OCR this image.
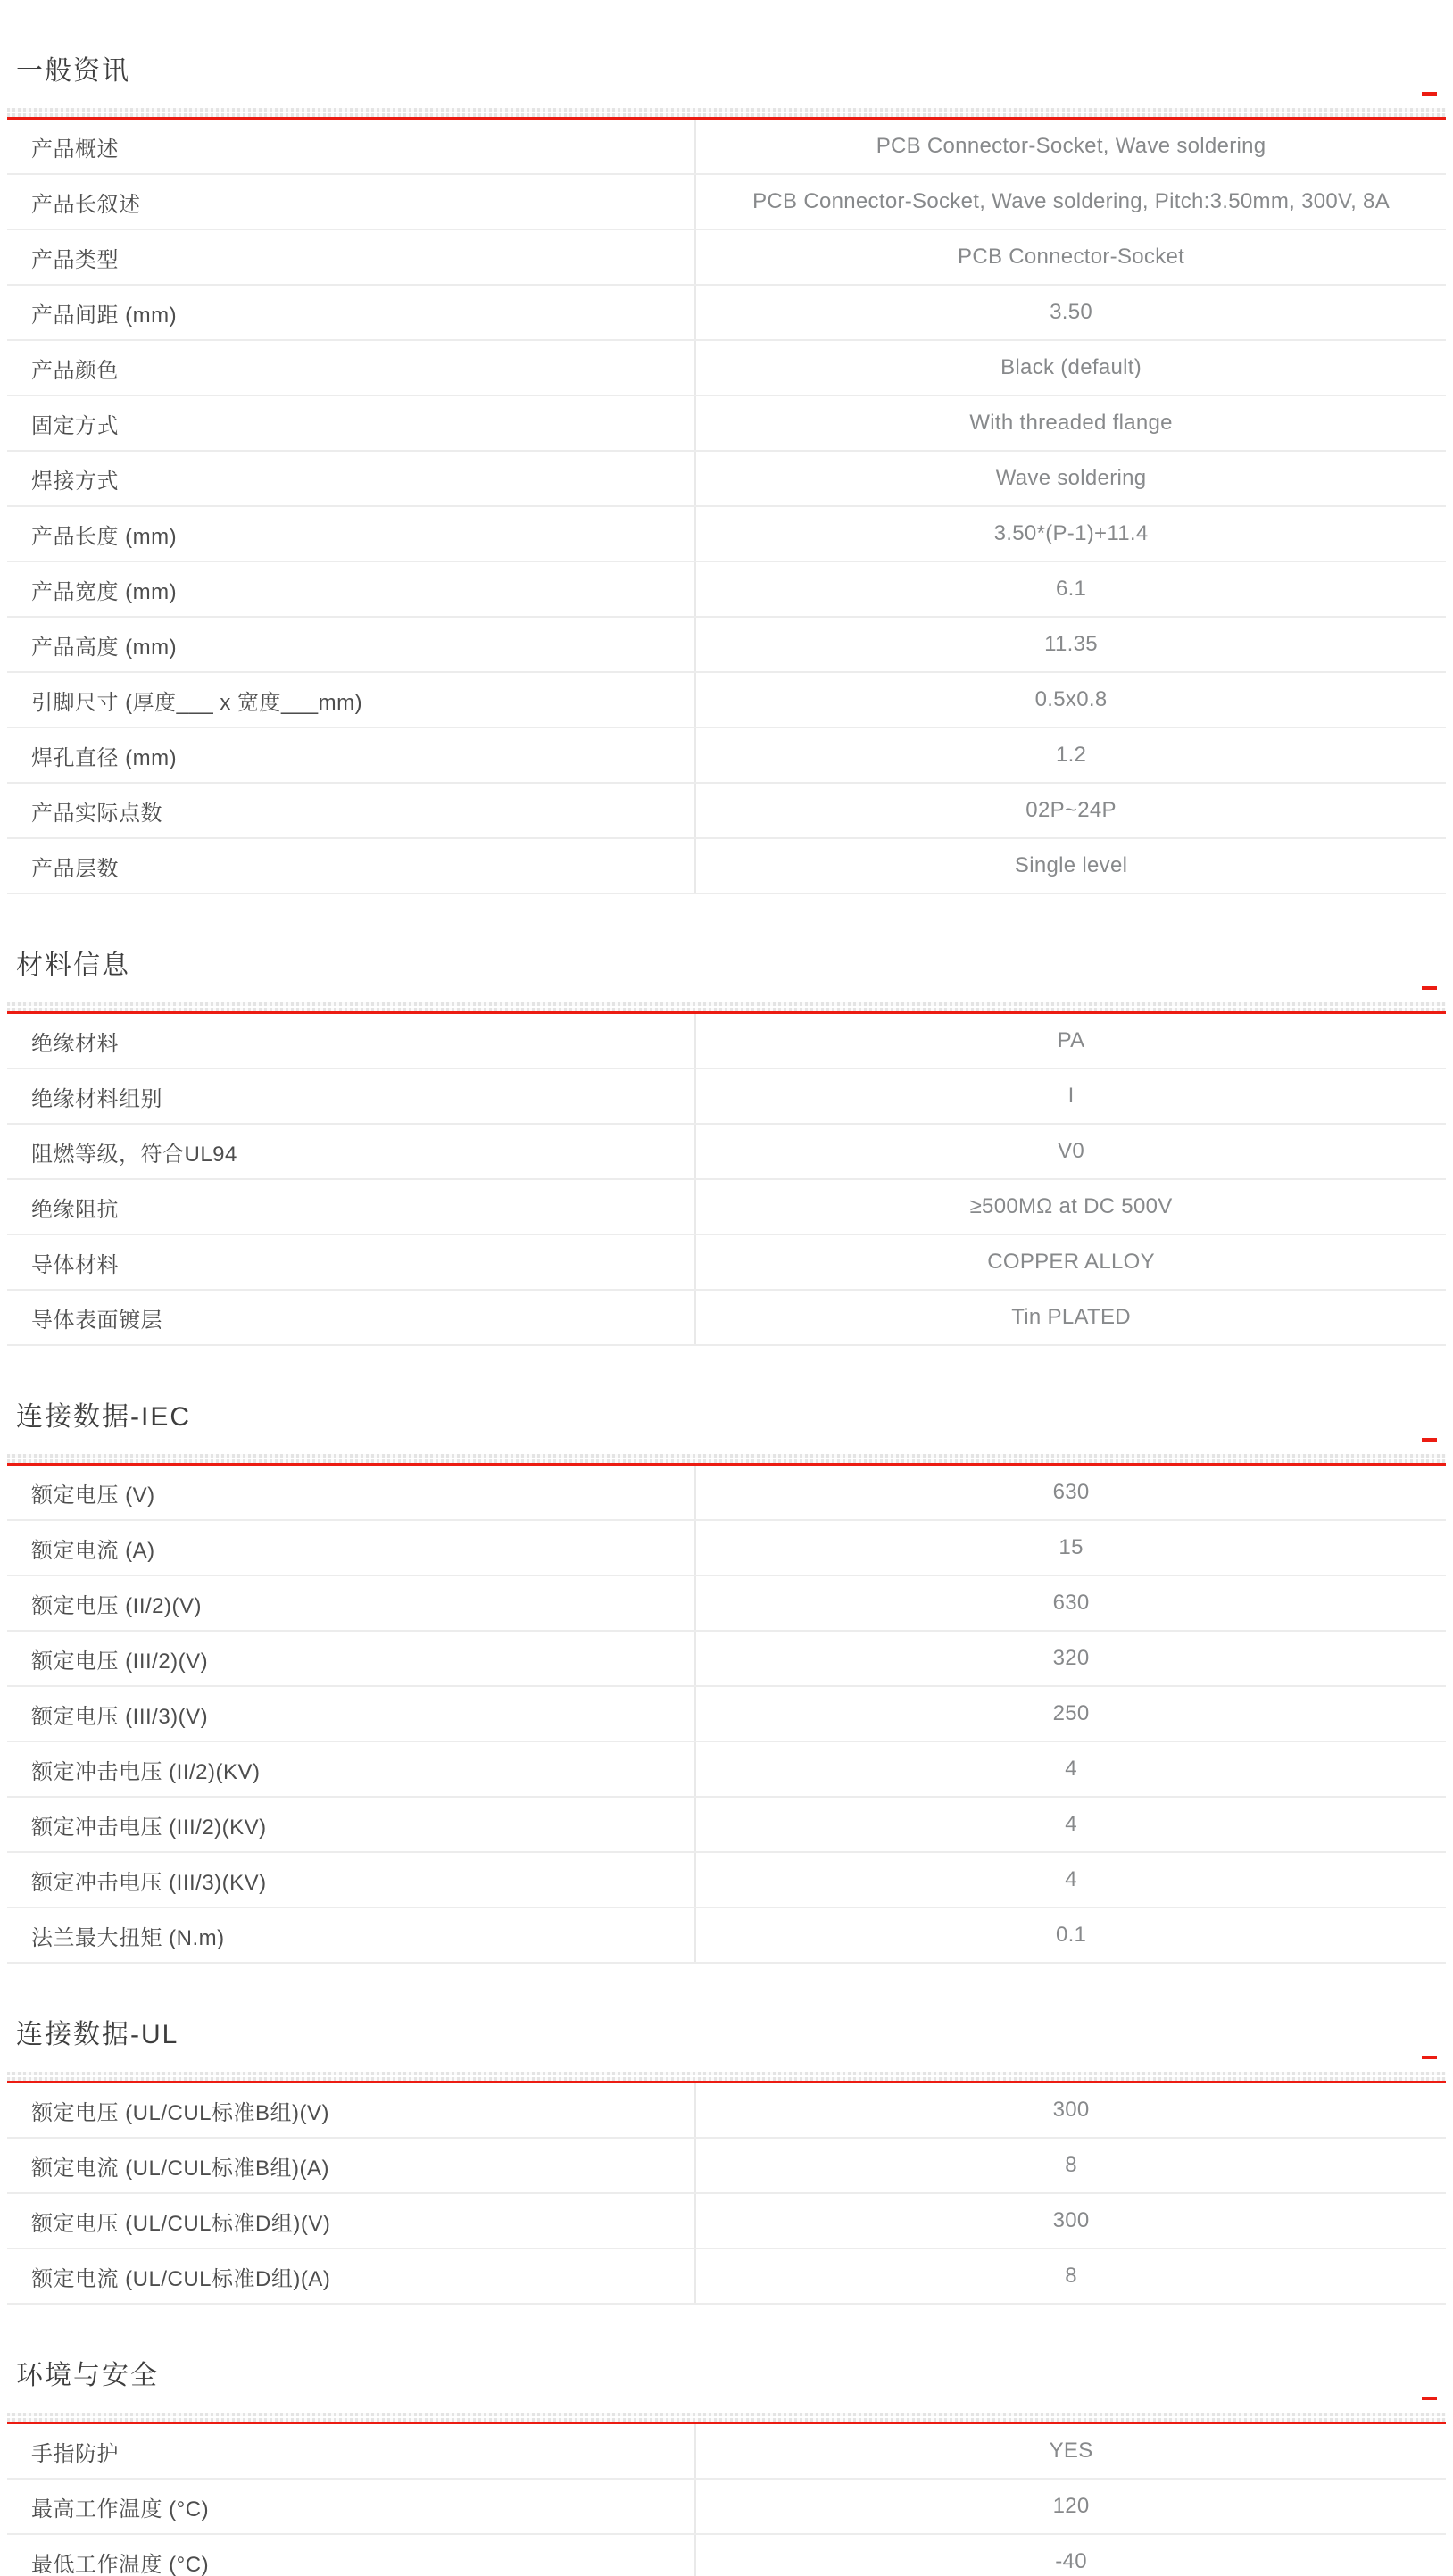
一般资讯
产品概述	PCB Connector-Socket, Wave soldering
产品长叙述	PCB Connector-Socket, Wave soldering, Pitch:3.50mm, 300V, 8A
产品类型	PCB Connector-Socket
产品间距 (mm)	3.50
产品颜色	Black (default)
固定方式	With threaded flange
焊接方式	Wave soldering
产品长度 (mm)	3.50*(P-1)+11.4
产品宽度 (mm)	6.1
产品高度 (mm)	11.35
引脚尺寸 (厚度___ x 宽度___mm)	0.5x0.8
焊孔直径 (mm)	1.2
产品实际点数	02P~24P
产品层数	Single level
材料信息
绝缘材料	PA
绝缘材料组别	I
阻燃等级，符合UL94	V0
绝缘阻抗	≥500MΩ at DC 500V
导体材料	COPPER ALLOY
导体表面镀层	Tin PLATED
连接数据-IEC
额定电压 (V)	630
额定电流 (A)	15
额定电压 (II/2)(V)	630
额定电压 (III/2)(V)	320
额定电压 (III/3)(V)	250
额定冲击电压 (II/2)(KV)	4
额定冲击电压 (III/2)(KV)	4
额定冲击电压 (III/3)(KV)	4
法兰最大扭矩 (N.m)	0.1
连接数据-UL
额定电压 (UL/CUL标准B组)(V)	300
额定电流 (UL/CUL标准B组)(A)	8
额定电压 (UL/CUL标准D组)(V)	300
额定电流 (UL/CUL标准D组)(A)	8
环境与安全
手指防护	YES
最高工作温度 (°C)	120
最低工作温度 (°C)	-40
